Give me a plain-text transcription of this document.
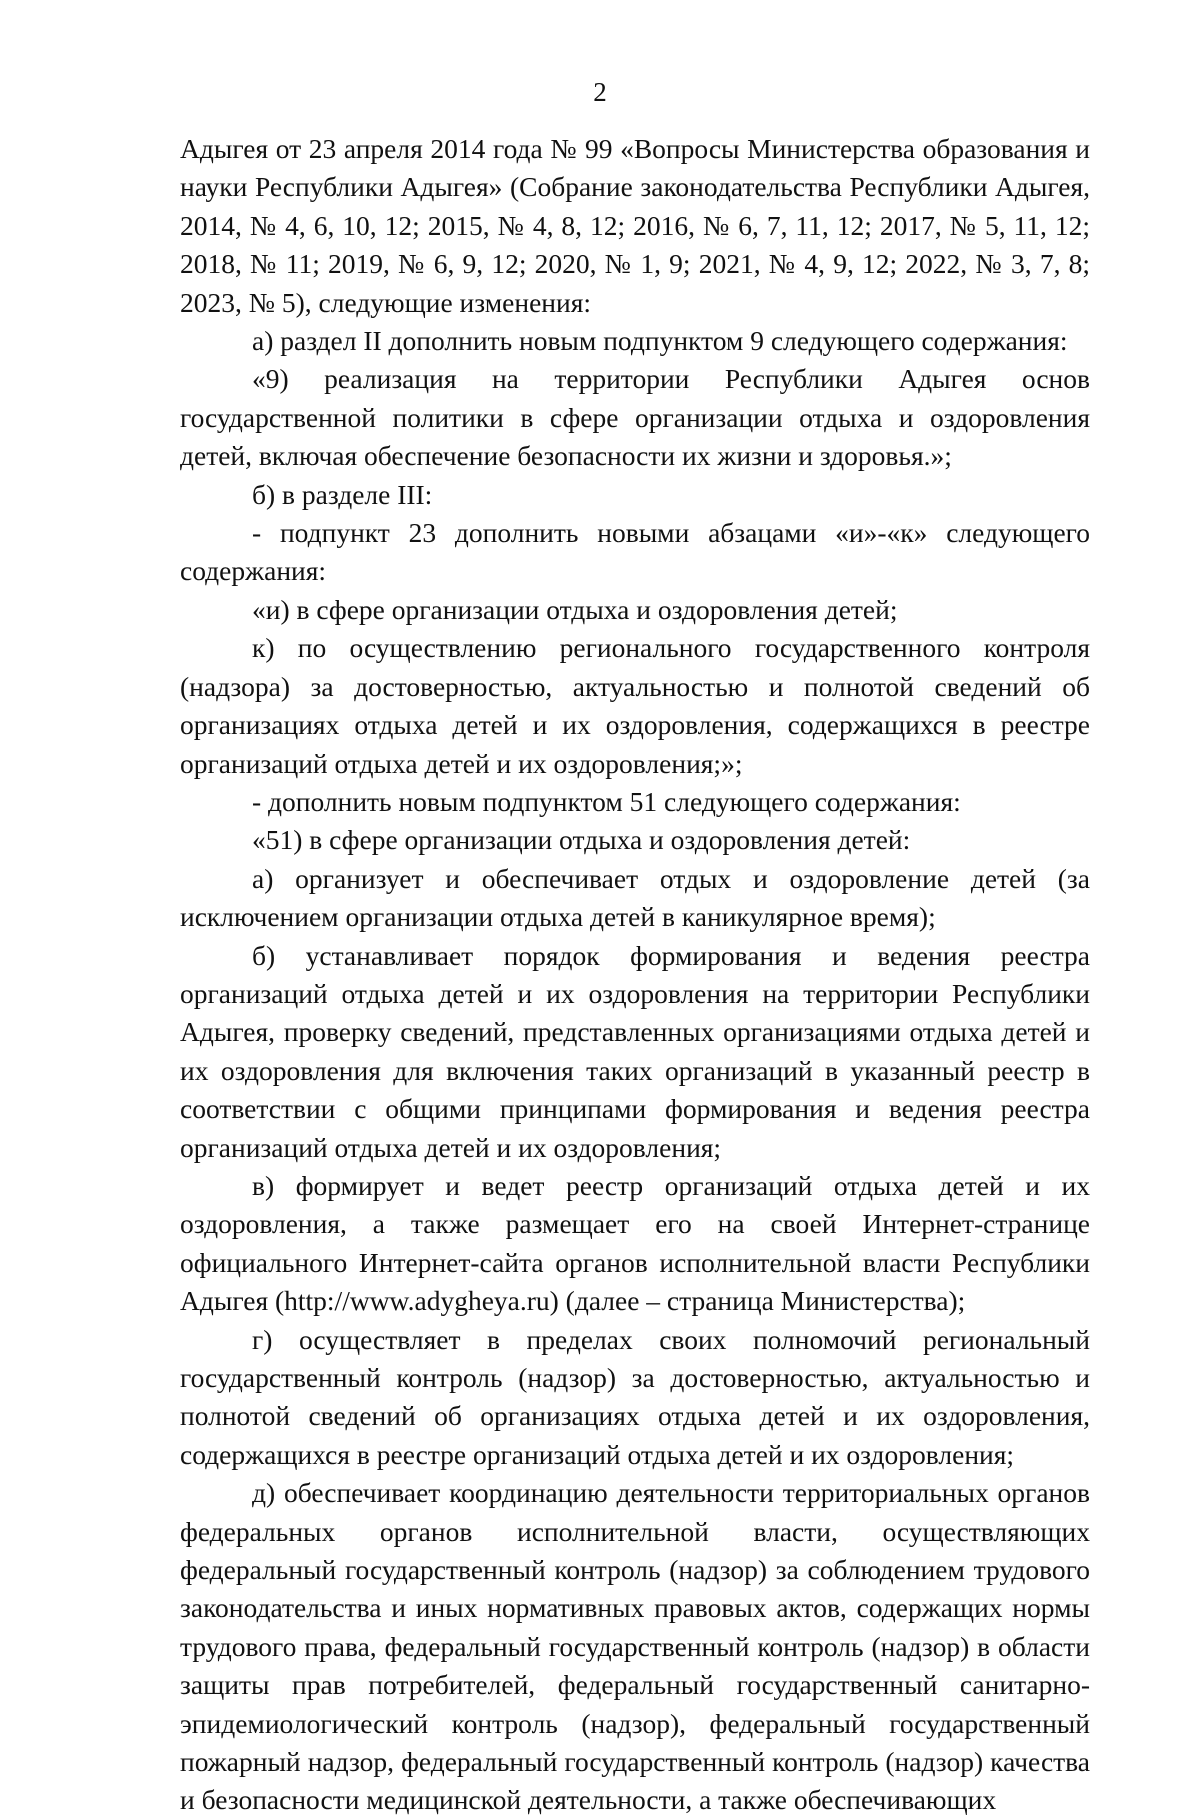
2

Адыгея от 23 апреля 2014 года № 99 «Вопросы Министерства образования и науки Республики Адыгея» (Собрание законодательства Республики Адыгея, 2014, № 4, 6, 10, 12; 2015, № 4, 8, 12; 2016, № 6, 7, 11, 12; 2017, № 5, 11, 12; 2018, № 11; 2019, № 6, 9, 12; 2020, № 1, 9; 2021, № 4, 9, 12; 2022, № 3, 7, 8; 2023, № 5), следующие изменения:

а) раздел II дополнить новым подпунктом 9 следующего содержания:

«9) реализация на территории Республики Адыгея основ государственной политики в сфере организации отдыха и оздоровления детей, включая обеспечение безопасности их жизни и здоровья.»;

б) в разделе III:

- подпункт 23 дополнить новыми абзацами «и»-«к» следующего содержания:

«и) в сфере организации отдыха и оздоровления детей;

к) по осуществлению регионального государственного контроля (надзора) за достоверностью, актуальностью и полнотой сведений об организациях отдыха детей и их оздоровления, содержащихся в реестре организаций отдыха детей и их оздоровления;»;

- дополнить новым подпунктом 51 следующего содержания:

«51) в сфере организации отдыха и оздоровления детей:

а) организует и обеспечивает отдых и оздоровление детей (за исключением организации отдыха детей в каникулярное время);

б) устанавливает порядок формирования и ведения реестра организаций отдыха детей и их оздоровления на территории Республики Адыгея, проверку сведений, представленных организациями отдыха детей и их оздоровления для включения таких организаций в указанный реестр в соответствии с общими принципами формирования и ведения реестра организаций отдыха детей и их оздоровления;

в) формирует и ведет реестр организаций отдыха детей и их оздоровления, а также размещает его на своей Интернет-странице официального Интернет-сайта органов исполнительной власти Республики Адыгея (http://www.adygheya.ru) (далее – страница Министерства);

г) осуществляет в пределах своих полномочий региональный государственный контроль (надзор) за достоверностью, актуальностью и полнотой сведений об организациях отдыха детей и их оздоровления, содержащихся в реестре организаций отдыха детей и их оздоровления;

д) обеспечивает координацию деятельности территориальных органов федеральных органов исполнительной власти, осуществляющих федеральный государственный контроль (надзор) за соблюдением трудового законодательства и иных нормативных правовых актов, содержащих нормы трудового права, федеральный государственный контроль (надзор) в области защиты прав потребителей, федеральный государственный санитарно-эпидемиологический контроль (надзор), федеральный государственный пожарный надзор, федеральный государственный контроль (надзор) качества и безопасности медицинской деятельности, а также обеспечивающих
